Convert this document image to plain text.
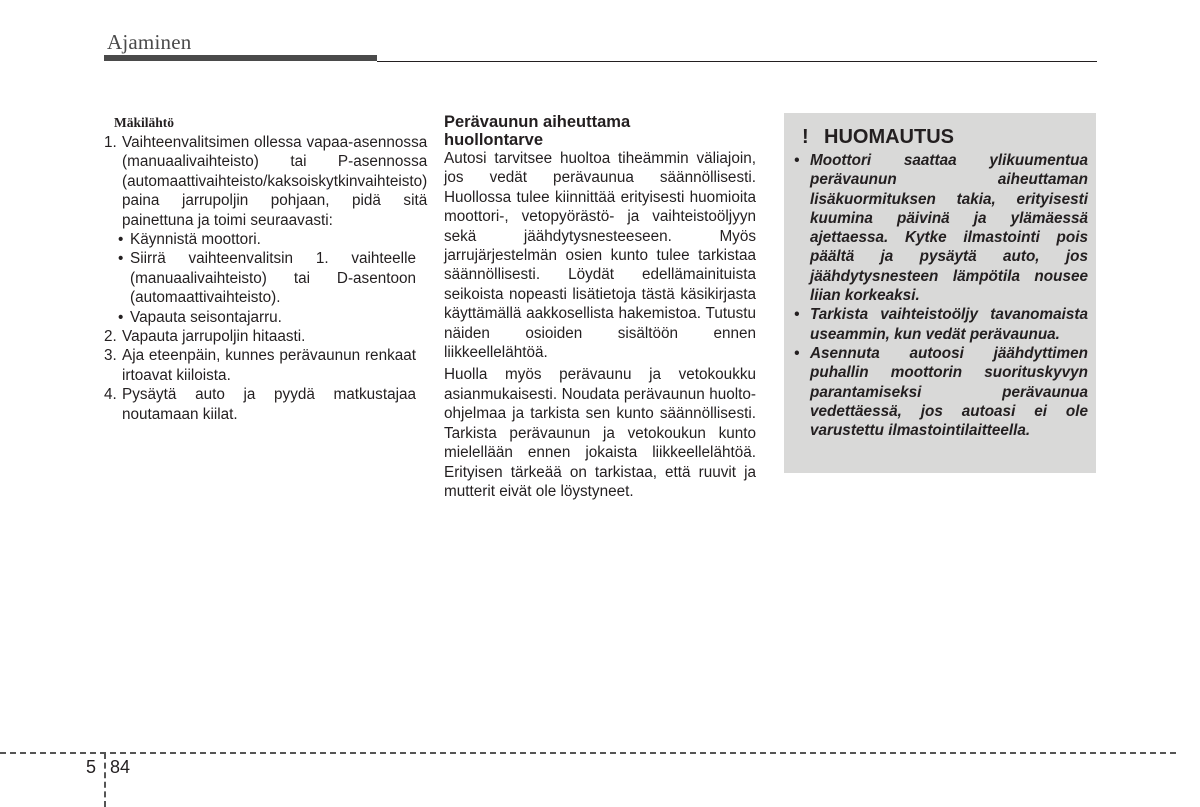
Ajaminen
Mäkilähtö
1. Vaihteenvalitsimen ollessa vapaa-asennossa (manuaalivaihteisto) tai P-asennossa (automaattivaihteisto/kaksoiskytkinvaihteisto) paina jarrupoljin pohjaan, pidä sitä painettuna ja toimi seuraavasti:
• Käynnistä moottori.
• Siirrä vaihteenvalitsin 1. vaihteelle (manuaalivaihteisto) tai D-asentoon (automaattivaihteisto).
• Vapauta seisontajarru.
2. Vapauta jarrupoljin hitaasti.
3. Aja eteenpäin, kunnes perävaunun renkaat irtoavat kiiloista.
4. Pysäytä auto ja pyydä matkustajaa noutamaan kiilat.
Perävaunun aiheuttama
huollontarve

Autosi tarvitsee huoltoa tiheämmin väliajoin, jos vedät perävaunua säännöllisesti. Huollossa tulee kiinnittää erityisesti huomioita moottori-, vetopyörästö- ja vaihteistoöljyyn sekä jäähdytysnesteeseen. Myös jarrujärjestelmän osien kunto tulee tarkistaa säännöllisesti. Löydät edellämainituista seikoista nopeasti lisätietoja tästä käsikirjasta käyttämällä aakkosellista hakemistoa. Tutustu näiden osioiden sisältöön ennen liikkeellelähtöä.

Huolla myös perävaunu ja vetokoukku asianmukaisesti. Noudata perävaunun huolto-ohjelmaa ja tarkista sen kunto säännöllisesti. Tarkista perävaunun ja vetokoukun kunto mielellään ennen jokaista liikkeellelähtöä. Erityisen tärkeää on tarkistaa, että ruuvit ja mutterit eivät ole löystyneet.

! HUOMAUTUS
• Moottori saattaa ylikuumentua perävaunun aiheuttaman lisäkuormituksen takia, erityisesti kuumina päivinä ja ylämäessä ajettaessa. Kytke ilmastointi pois päältä ja pysäytä auto, jos jäähdytysnesteen lämpötila nousee liian korkeaksi.
• Tarkista vaihteistoöljy tavanomaista useammin, kun vedät perävaunua.
• Asennuta autoosi jäähdyttimen puhallin moottorin suorituskyvyn parantamiseksi perävaunua vedettäessä, jos autoasi ei ole varustettu ilmastointilaitteella.
5 84
